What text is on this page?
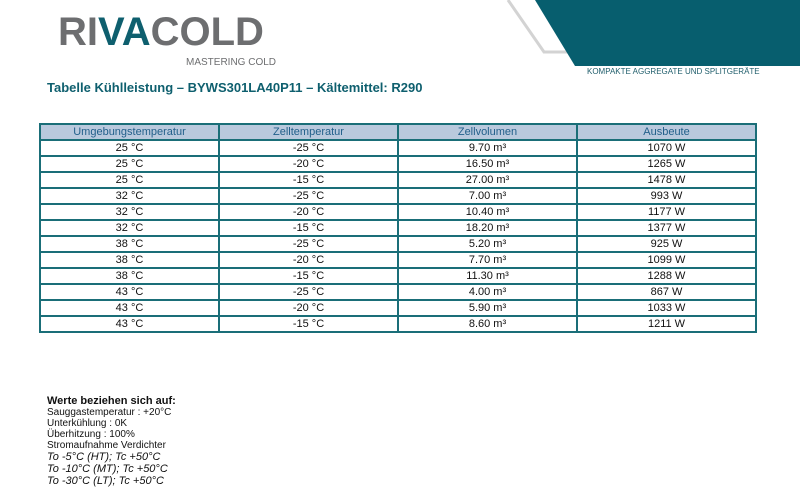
RIVACOLD
MASTERING COLD
KOMPAKTE AGGREGATE UND SPLITGERÄTE
Tabelle Kühlleistung – BYWS301LA40P11 – Kältemittel: R290
Umgebungstemperatur	Zelltemperatur	Zellvolumen	Ausbeute
25 °C	-25 °C	9.70 m³	1070 W
25 °C	-20 °C	16.50 m³	1265 W
25 °C	-15 °C	27.00 m³	1478 W
32 °C	-25 °C	7.00 m³	993 W
32 °C	-20 °C	10.40 m³	1177 W
32 °C	-15 °C	18.20 m³	1377 W
38 °C	-25 °C	5.20 m³	925 W
38 °C	-20 °C	7.70 m³	1099 W
38 °C	-15 °C	11.30 m³	1288 W
43 °C	-25 °C	4.00 m³	867 W
43 °C	-20 °C	5.90 m³	1033 W
43 °C	-15 °C	8.60 m³	1211 W
Werte beziehen sich auf:
Sauggastemperatur : +20°C
Unterkühlung : 0K
Überhitzung : 100%
Stromaufnahme Verdichter
To -5°C (HT); Tc +50°C
To -10°C (MT); Tc +50°C
To -30°C (LT); Tc +50°C
